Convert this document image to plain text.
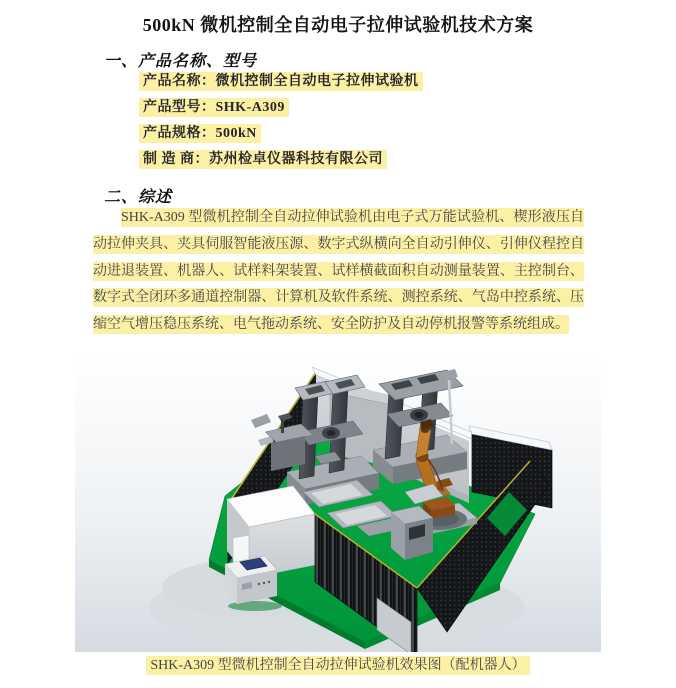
500kN 微机控制全自动电子拉伸试验机技术方案
一、产品名称、型号
产品名称：微机控制全自动电子拉伸试验机
产品型号：SHK-A309
产品规格：500kN
制 造 商：苏州检卓仪器科技有限公司
二、综述

SHK-A309 型微机控制全自动拉伸试验机由电子式万能试验机、楔形液压自动拉伸夹具、夹具伺服智能液压源、数字式纵横向全自动引伸仪、引伸仪程控自动进退装置、机器人、试样料架装置、试样横截面积自动测量装置、主控制台、数字式全闭环多通道控制器、计算机及软件系统、测控系统、气岛中控系统、压缩空气增压稳压系统、电气拖动系统、安全防护及自动停机报警等系统组成。

SHK-A309 型微机控制全自动拉伸试验机效果图（配机器人）
